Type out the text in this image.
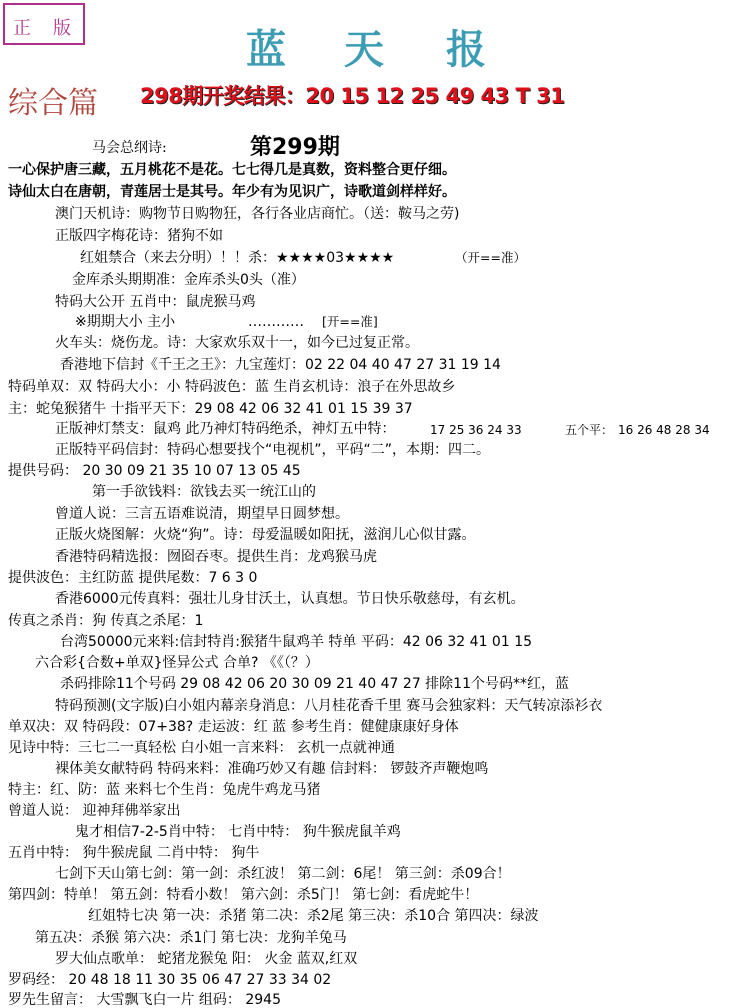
正 版	蓝 天 报
综合篇 298期开奖结果：20 15 12 25 49 43 T 31
第299期
马会总纲诗:
一心保护唐三藏，五月桃花不是花。七七得几是真数，资料整合更仔细。
诗仙太白在唐朝，青莲居士是其号。年少有为见识广，诗歌道剑样样好。
澳门天机诗：购物节日购物狂，各行各业店商忙。（送：鞍马之劳)
正版四字梅花诗：猪狗不如
红姐禁合（来去分明）！！杀：★★★★03★★★★	（开==准）
金库杀头期期准：金库杀头0头（准）
特码大公开 五肖中：鼠虎猴马鸡
※期期大小 主小	………… [开==准]
火车头：烧伤龙。诗：大家欢乐双十一，如今已过复正常。
香港地下信封《千王之王》：九宝莲灯：02 22 04 40 47 27 31 19 14
特码单双：双 特码大小：小 特码波色：蓝 生肖玄机诗：浪子在外思故乡
主：蛇兔猴猪牛 十指平天下：29 08 42 06 32 41 01 15 39 37
正版神灯禁支：鼠鸡 此乃神灯特码绝杀，神灯五中特：	17 25 36 24 33	五个平： 16 26 48 28 34
正版特平码信封：特码心想要找个“电视机”，平码“二”，本期：四二。
提供号码： 20 30 09 21 35 10 07 13 05 45
第一手欲钱料：欲钱去买一统江山的
曾道人说：三言五语难说清，期望早日圆梦想。
正版火烧图解：火烧“狗”。诗：母爱温暖如阳抚，滋润儿心似甘露。
香港特码精选报：囫囵吞枣。提供生肖：龙鸡猴马虎
提供波色：主红防蓝 提供尾数：7 6 3 0
香港6000元传真料：强壮儿身甘沃土，认真想。节日快乐敬慈母，有玄机。
传真之杀肖：狗 传真之杀尾：1
台湾50000元来料:信封特肖:猴猪牛鼠鸡羊 特单 平码：42 06 32 41 01 15
六合彩{合数+单双}怪异公式 合单? 《《（？）
杀码排除11个号码 29 08 42 06 20 30 09 21 40 47 27 排除11个号码**红，蓝
特码预测(文字版)白小姐内幕亲身消息：八月桂花香千里 赛马会独家料：天气转凉添衫衣
单双决：双 特码段：07+38? 走运波：红 蓝 参考生肖：健健康康好身体
见诗中特：三七二一真轻松 白小姐一言来料： 玄机一点就神通
裸体美女献特码 特码来料：准确巧妙又有趣 信封料： 锣鼓齐声鞭炮鸣
特主：红、防：蓝 来料七个生肖：兔虎牛鸡龙马猪
曾道人说： 迎神拜佛举家出
鬼才相信7-2-5肖中特： 七肖中特： 狗牛猴虎鼠羊鸡
五肖中特： 狗牛猴虎鼠 二肖中特： 狗牛
七剑下天山第七剑：第一剑：杀红波！ 第二剑：6尾！ 第三剑：杀09合！
第四剑：特单！ 第五剑：特看小数！ 第六剑：杀5门！ 第七剑：看虎蛇牛！
红姐特七决 第一决：杀猪 第二决：杀2尾 第三决：杀10合 第四决：绿波
第五决：杀猴 第六决：杀1门 第七决：龙狗羊兔马
罗大仙点歌单： 蛇猪龙猴兔 阳： 火金 蓝双,红双
罗码经： 20 48 18 11 30 35 06 47 27 33 34 02
罗先生留言： 大雪飘飞白一片 组码： 2945
